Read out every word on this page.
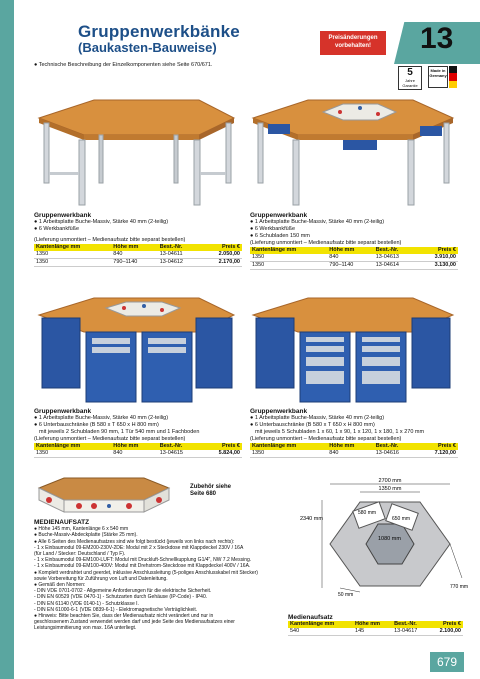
Gruppenwerkbänke
(Baukasten-Bauweise)
Preisänderungen vorbehalten!	13
● Technische Beschreibung der Einzelkomponenten siehe Seite 670/671.
5
Jahre
Garantie
Made in Germany
Gruppenwerkbank
● 1 Arbeitsplatte Buche-Massiv, Stärke 40 mm (2-teilig)
● 6 Werkbankfüße
(Lieferung unmontiert – Medienaufsatz bitte separat bestellen)
Kantenlänge mm	Höhe mm	Best.-Nr.	Preis €
1350	840	13-04611	2.050,00
1350	790–1140	13-04612	2.170,00
Gruppenwerkbank
● 1 Arbeitsplatte Buche-Massiv, Stärke 40 mm (2-teilig)
● 6 Werkbankfüße
● 6 Schubladen 150 mm
(Lieferung unmontiert – Medienaufsatz bitte separat bestellen)
Kantenlänge mm	Höhe mm	Best.-Nr.	Preis €
1350	840	13-04613	3.910,00
1350	790–1140	13-04614	3.130,00
Gruppenwerkbank
● 1 Arbeitsplatte Buche-Massiv, Stärke 40 mm (2-teilig)
● 6 Unterbauschränke (B 580 x T 650 x H 800 mm)
mit jeweils 2 Schubladen 90 mm, 1 Tür 540 mm und 1 Fachboden
(Lieferung unmontiert – Medienaufsatz bitte separat bestellen)
Kantenlänge mm	Höhe mm	Best.-Nr.	Preis €
1350	840	13-04615	5.824,00
Gruppenwerkbank
● 1 Arbeitsplatte Buche-Massiv, Stärke 40 mm (2-teilig)
● 6 Unterbauschränke (B 580 x T 650 x H 800 mm)
mit jeweils 5 Schubladen 1 x 60, 1 x 90, 1 x 120, 1 x 180, 1 x 270 mm
(Lieferung unmontiert – Medienaufsatz bitte separat bestellen)
Kantenlänge mm	Höhe mm	Best.-Nr.	Preis €
1350	840	13-04616	7.120,00
Zubehör siehe
Seite 680
MEDIENAUFSATZ
● Höhe 145 mm, Kantenlänge 6 x 540 mm
● Buche-Massiv-Abdeckplatte (Stärke 25 mm).
● Alle 6 Seiten des Medienaufsatzes sind wie folgt bestückt (jeweils von links nach rechts):
- 1 x Einbaumodul 09-EM200-230V-2DE: Modul mit 2 x Steckdose mit Klappdeckel 230V / 16A
(für Land / Stecker: Deutschland / Typ F).
- 1 x Einbaumodul 09-EM100-LUFT: Modul mit Druckluft-Schnellkupplung G1/4", NW 7.2 Messing.
- 1 x Einbaumodul 09-EM100-400V: Modul mit Drehstrom-Steckdose mit Klappdeckel 400V / 16A.
● Komplett verdrahtet und geerdet, inklusive Anschlussleitung (5-poliges Anschlusskabel mit Stecker)
sowie Vorbereitung für Zuführung von Luft und Datenleitung.
● Gemäß den Normen:
- DIN VDE 0701-0702 - Allgemeine Anforderungen für die elektrische Sicherheit.
- DIN EN 60529 (VDE 0470-1) - Schutzarten durch Gehäuse (IP-Code) - IP40.
- DIN EN 61140 (VDE 0140-1) - Schutzklasse I.
- DIN EN 61000-6-1 (VDE 0839-6-1) - Elektromagnetische Verträglichkeit.
● Hinweis: Bitte beachten Sie, dass der Medienaufsatz nicht verändert und nur in
geschlossenem Zustand verwendet werden darf und jede Seite des Medienaufsatzes einer
Leistungsimmitierung von max. 16A unterliegt.
2700 mm
1350 mm
2340 mm
580 mm
650 mm
1080 mm
50 mm
770 mm
Medienaufsatz
Kantenlänge mm	Höhe mm	Best.-Nr.	Preis €
540	145	13-04617	2.100,00
679
